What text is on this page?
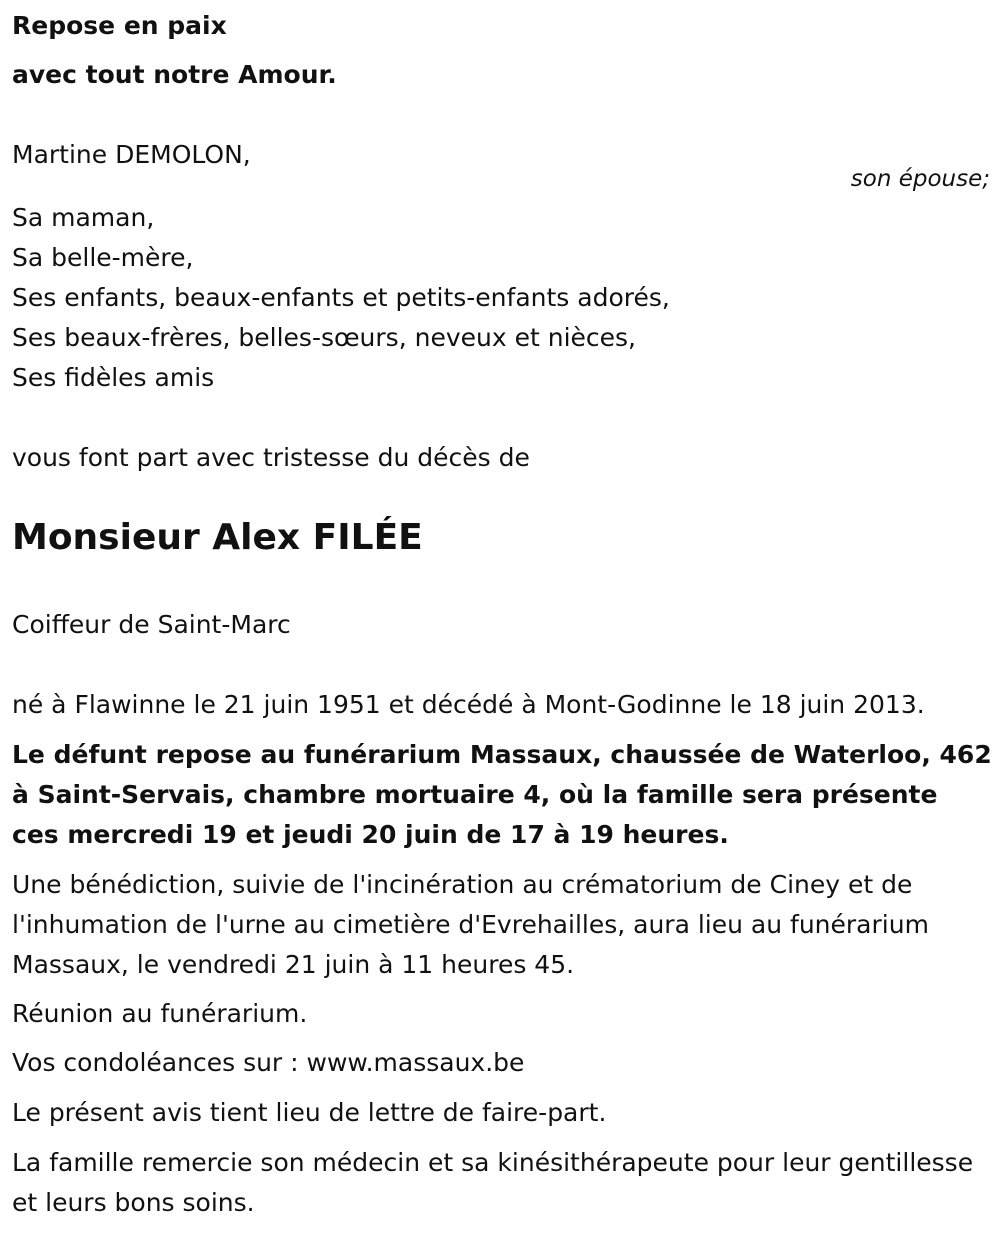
Repose en paix
avec tout notre Amour.
Martine DEMOLON,
son épouse;
Sa maman,
Sa belle-mère,
Ses enfants, beaux-enfants et petits-enfants adorés,
Ses beaux-frères, belles-sœurs, neveux et nièces,
Ses fidèles amis
vous font part avec tristesse du décès de
Monsieur Alex FILÉE
Coiffeur de Saint-Marc
né à Flawinne le 21 juin 1951 et décédé à Mont-Godinne le 18 juin 2013.
Le défunt repose au funérarium Massaux, chaussée de Waterloo, 462 à Saint-Servais, chambre mortuaire 4, où la famille sera présente ces mercredi 19 et jeudi 20 juin de 17 à 19 heures.
Une bénédiction, suivie de l'incinération au crématorium de Ciney et de l'inhumation de l'urne au cimetière d'Evrehailles, aura lieu au funérarium Massaux, le vendredi 21 juin à 11 heures 45.
Réunion au funérarium.
Vos condoléances sur : www.massaux.be
Le présent avis tient lieu de lettre de faire-part.
La famille remercie son médecin et sa kinésithérapeute pour leur gentillesse et leurs bons soins.
